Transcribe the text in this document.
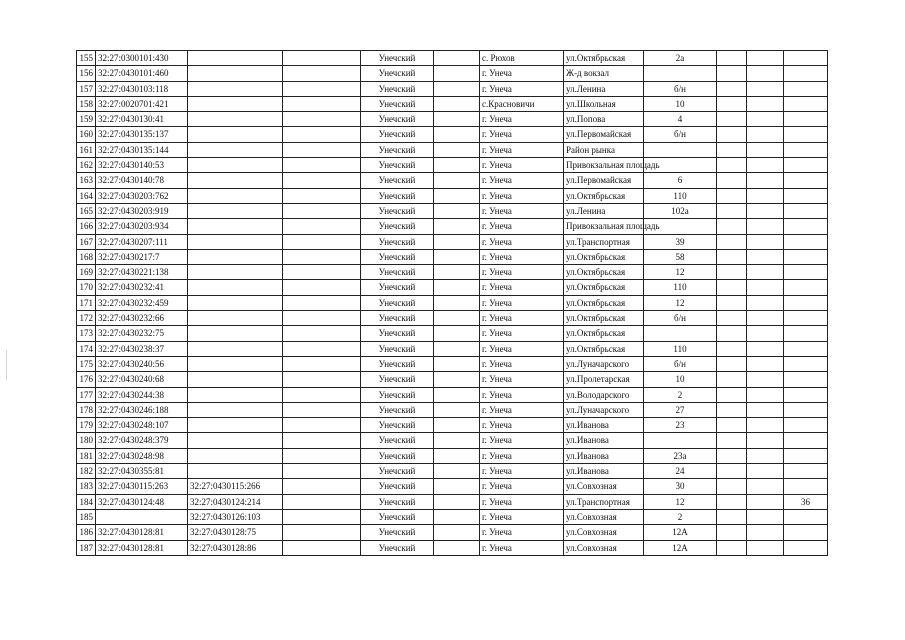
155	32:27:0300101:430			Унечский		с. Рюхов	ул.Октябрьская	2а			
156	32:27:0430101:460			Унечский		г. Унеча	Ж-д вокзал				
157	32:27:0430103:118			Унечский		г. Унеча	ул.Ленина	б/н			
158	32:27:0020701:421			Унечский		с.Красновичи	ул.Школьная	10			
159	32:27:0430130:41			Унечский		г. Унеча	ул.Попова	4			
160	32:27:0430135:137			Унечский		г. Унеча	ул.Первомайская	б/н			
161	32:27:0430135:144			Унечский		г. Унеча	Район рынка				
162	32:27:0430140:53			Унечский		г. Унеча	Привокзальная площадь				
163	32:27:0430140:78			Унечский		г. Унеча	ул.Первомайская	6			
164	32:27:0430203:762			Унечский		г. Унеча	ул.Октябрьская	110			
165	32:27:0430203:919			Унечский		г. Унеча	ул.Ленина	102а			
166	32:27:0430203:934			Унечский		г. Унеча	Привокзальная площадь				
167	32:27:0430207:111			Унечский		г. Унеча	ул.Транспортная	39			
168	32:27:0430217:7			Унечский		г. Унеча	ул.Октябрьская	58			
169	32:27:0430221:138			Унечский		г. Унеча	ул.Октябрьская	12			
170	32:27:0430232:41			Унечский		г. Унеча	ул.Октябрьская	110			
171	32:27:0430232:459			Унечский		г. Унеча	ул.Октябрьская	12			
172	32:27:0430232:66			Унечский		г. Унеча	ул.Октябрьская	б/н			
173	32:27:0430232:75			Унечский		г. Унеча	ул.Октябрьская				
174	32:27:0430238:37			Унечский		г. Унеча	ул.Октябрьская	110			
175	32:27:0430240:56			Унечский		г. Унеча	ул.Луначарского	б/н			
176	32:27:0430240:68			Унечский		г. Унеча	ул.Пролетарская	10			
177	32:27:0430244:38			Унечский		г. Унеча	ул.Володарского	2			
178	32:27:0430246:188			Унечский		г. Унеча	ул.Луначарского	27			
179	32:27:0430248:107			Унечский		г. Унеча	ул.Иванова	23			
180	32:27:0430248:379			Унечский		г. Унеча	ул.Иванова				
181	32:27:0430248:98			Унечский		г. Унеча	ул.Иванова	23а			
182	32:27:0430355:81			Унечский		г. Унеча	ул.Иванова	24			
183	32:27:0430115:263	32:27:0430115:266		Унечский		г. Унеча	ул.Совхозная	30			
184	32:27:0430124:48	32:27:0430124:214		Унечский		г. Унеча	ул.Транспортная	12			36
185		32:27:0430126:103		Унечский		г. Унеча	ул.Совхозная	2			
186	32:27:0430128:81	32:27:0430128:75		Унечский		г. Унеча	ул.Совхозная	12А			
187	32:27:0430128:81	32:27:0430128:86		Унечский		г. Унеча	ул.Совхозная	12А			
